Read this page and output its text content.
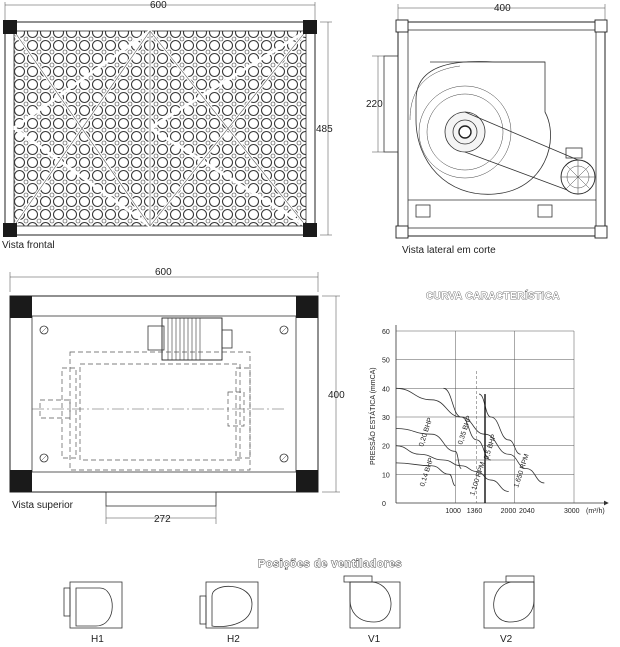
600
485
Vista frontal
400
220
Vista lateral em corte
600
272
400
Vista superior
CURVA CARACTERÍSTICA
0
10
20
30
40
50
60
1000 1360	2000 2040	3000
PRESSÃO ESTÁTICA (mmCA)
(m³/h)
0,20 BHP
0,14 BHP
0,35 BHP
0,5 BHP
1.100 RPM	1.650 RPM
Posições de ventiladores
H1	H2	V1	V2
